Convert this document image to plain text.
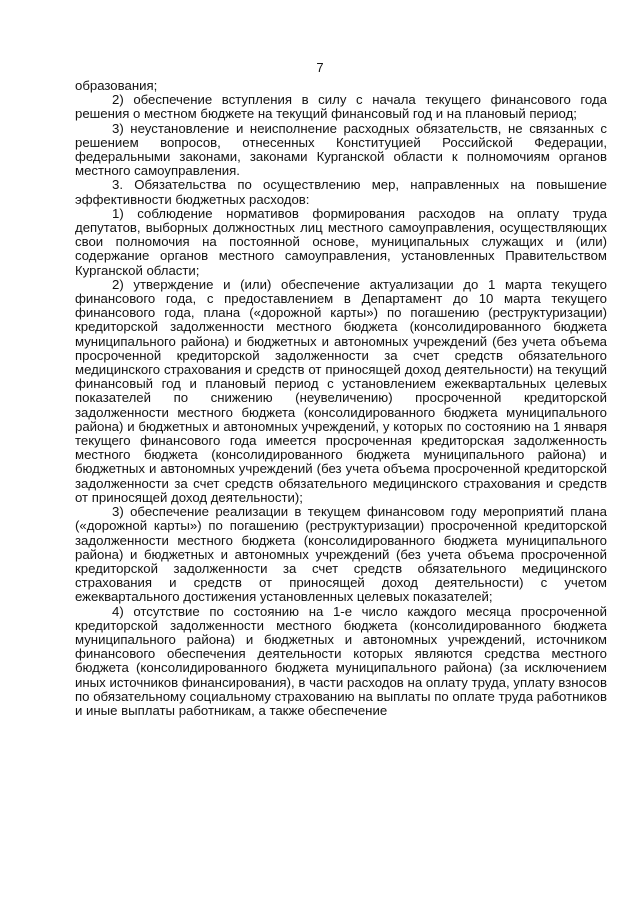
7

образования;

2) обеспечение вступления в силу с начала текущего финансового года решения о местном бюджете на текущий финансовый год и на плановый период;

3) неустановление и неисполнение расходных обязательств, не связанных с решением вопросов, отнесенных Конституцией Российской Федерации, федеральными законами, законами Курганской области к полномочиям органов местного самоуправления.

3. Обязательства по осуществлению мер, направленных на повышение эффективности бюджетных расходов:

1) соблюдение нормативов формирования расходов на оплату труда депутатов, выборных должностных лиц местного самоуправления, осуществляющих свои полномочия на постоянной основе, муниципальных служащих и (или) содержание органов местного самоуправления, установленных Правительством Курганской области;

2) утверждение и (или) обеспечение актуализации до 1 марта текущего финансового года, с предоставлением в Департамент до 10 марта текущего финансового года, плана («дорожной карты») по погашению (реструктуризации) кредиторской задолженности местного бюджета (консолидированного бюджета муниципального района) и бюджетных и автономных учреждений (без учета объема просроченной кредиторской задолженности за счет средств обязательного медицинского страхования и средств от приносящей доход деятельности) на текущий финансовый год и плановый период с установлением ежеквартальных целевых показателей по снижению (неувеличению) просроченной кредиторской задолженности местного бюджета (консолидированного бюджета муниципального района) и бюджетных и автономных учреждений, у которых по состоянию на 1 января текущего финансового года имеется просроченная кредиторская задолженность местного бюджета (консолидированного бюджета муниципального района) и бюджетных и автономных учреждений (без учета объема просроченной кредиторской задолженности за счет средств обязательного медицинского страхования и средств от приносящей доход деятельности);

3) обеспечение реализации в текущем финансовом году мероприятий плана («дорожной карты») по погашению (реструктуризации) просроченной кредиторской задолженности местного бюджета (консолидированного бюджета муниципального района) и бюджетных и автономных учреждений (без учета объема просроченной кредиторской задолженности за счет средств обязательного медицинского страхования и средств от приносящей доход деятельности) с учетом ежеквартального достижения установленных целевых показателей;

4) отсутствие по состоянию на 1-е число каждого месяца просроченной кредиторской задолженности местного бюджета (консолидированного бюджета муниципального района) и бюджетных и автономных учреждений, источником финансового обеспечения деятельности которых являются средства местного бюджета (консолидированного бюджета муниципального района) (за исключением иных источников финансирования), в части расходов на оплату труда, уплату взносов по обязательному социальному страхованию на выплаты по оплате труда работников и иные выплаты работникам, а также обеспечение
